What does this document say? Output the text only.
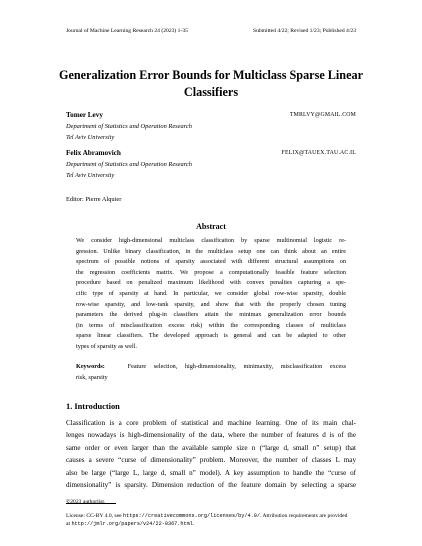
Journal of Machine Learning Research 24 (2023) 1-35	Submitted 4/22; Revised 1/23; Published 4/23
Generalization Error Bounds for Multiclass Sparse Linear
Classifiers
Tomer Levy	TMRLVY@GMAIL.COM
Department of Statistics and Operation Research
Tel Aviv University
Felix Abramovich	FELIX@TAUEX.TAU.AC.IL
Department of Statistics and Operation Research
Tel Aviv University
Editor: Pierre Alquier
Abstract
We consider high-dimensional multiclass classification by sparse multinomial logistic re-
gression. Unlike binary classification, in the multiclass setup one can think about an entire
spectrum of possible notions of sparsity associated with different structural assumptions on
the regression coefficients matrix. We propose a computationally feasible feature selection
procedure based on penalized maximum likelihood with convex penalties capturing a spe-
cific type of sparsity at hand. In particular, we consider global row-wise sparsity, double
row-wise sparsity, and low-rank sparsity, and show that with the properly chosen tuning
parameters the derived plug-in classifiers attain the minimax generalization error bounds
(in terms of misclassification excess risk) within the corresponding classes of multiclass
sparse linear classifiers. The developed approach is general and can be adapted to other
types of sparsity as well.
Keywords:	Feature selection, high-dimensionality, minimaxity, misclassification excess
risk, sparsity
1. Introduction
Classification is a core problem of statistical and machine learning. One of its main chal-
lenges nowadays is high-dimensionality of the data, where the number of features d is of the
same order or even larger than the available sample size n (“large d, small n” setup) that
causes a severe “curse of dimensionality” problem. Moreover, the number of classes L may
also be large (“large L, large d, small n” model). A key assumption to handle the “curse of
dimensionality” is sparsity. Dimension reduction of the feature domain by selecting a sparse
©2023 authorlist.
License: CC-BY 4.0, see https://creativecommons.org/licenses/by/4.0/. Attribution requirements are provided
at http://jmlr.org/papers/v24/22-0367.html.
